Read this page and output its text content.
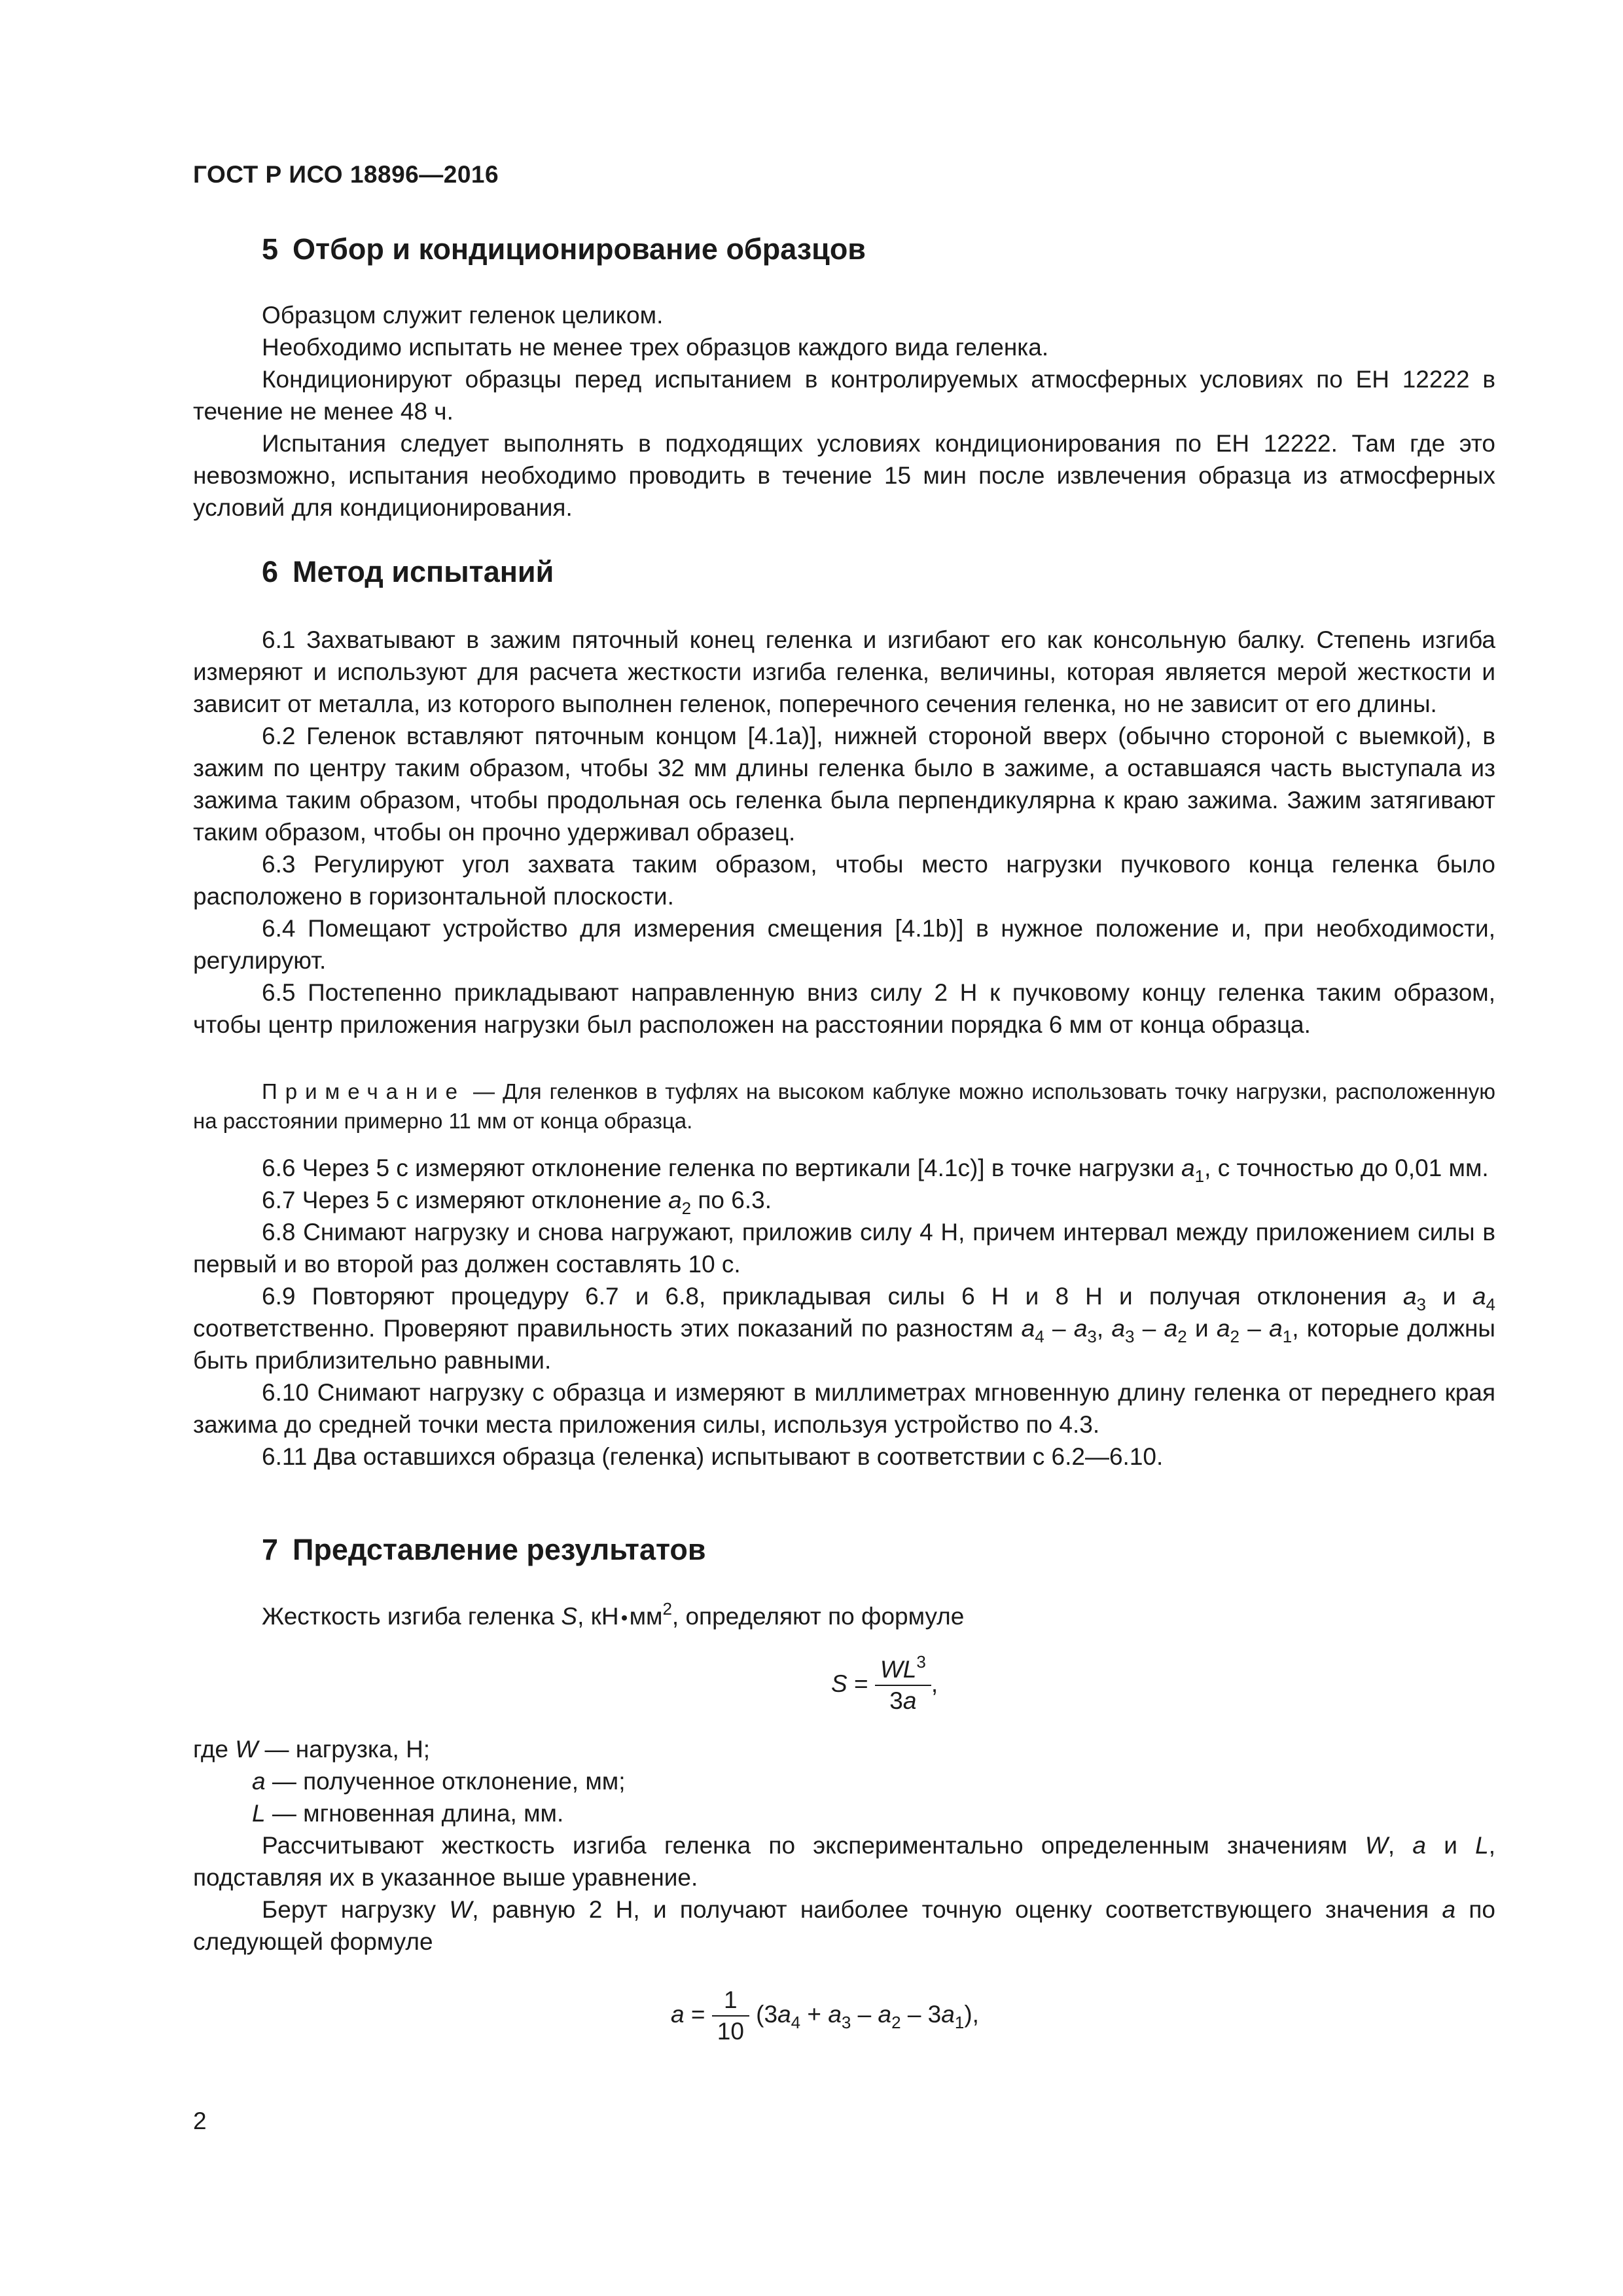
ГОСТ Р ИСО 18896—2016
5 Отбор и кондиционирование образцов

Образцом служит геленок целиком.

Необходимо испытать не менее трех образцов каждого вида геленка.

Кондиционируют образцы перед испытанием в контролируемых атмосферных условиях по ЕН 12222 в течение не менее 48 ч.

Испытания следует выполнять в подходящих условиях кондиционирования по ЕН 12222. Там где это невозможно, испытания необходимо проводить в течение 15 мин после извлечения образца из атмосферных условий для кондиционирования.

6 Метод испытаний

6.1 Захватывают в зажим пяточный конец геленка и изгибают его как консольную балку. Степень изгиба измеряют и используют для расчета жесткости изгиба геленка, величины, которая является мерой жесткости и зависит от металла, из которого выполнен геленок, поперечного сечения геленка, но не зависит от его длины.

6.2 Геленок вставляют пяточным концом [4.1а)], нижней стороной вверх (обычно стороной с выемкой), в зажим по центру таким образом, чтобы 32 мм длины геленка было в зажиме, а оставшаяся часть выступала из зажима таким образом, чтобы продольная ось геленка была перпендикулярна к краю зажима. Зажим затягивают таким образом, чтобы он прочно удерживал образец.

6.3 Регулируют угол захвата таким образом, чтобы место нагрузки пучкового конца геленка было расположено в горизонтальной плоскости.

6.4 Помещают устройство для измерения смещения [4.1b)] в нужное положение и, при необходимости, регулируют.

6.5 Постепенно прикладывают направленную вниз силу 2 Н к пучковому концу геленка таким образом, чтобы центр приложения нагрузки был расположен на расстоянии порядка 6 мм от конца образца.

Примечание — Для геленков в туфлях на высоком каблуке можно использовать точку нагрузки, расположенную на расстоянии примерно 11 мм от конца образца.

6.6 Через 5 с измеряют отклонение геленка по вертикали [4.1с)] в точке нагрузки $a_1$, с точностью до 0,01 мм.

6.7 Через 5 с измеряют отклонение $a_2$ по 6.3.

6.8 Снимают нагрузку и снова нагружают, приложив силу 4 Н, причем интервал между приложением силы в первый и во второй раз должен составлять 10 с.

6.9 Повторяют процедуру 6.7 и 6.8, прикладывая силы 6 Н и 8 Н и получая отклонения $a_3$ и $a_4$ соответственно. Проверяют правильность этих показаний по разностям $a_4 - a_3$, $a_3 - a_2$ и $a_2 - a_1$, которые должны быть приблизительно равными.

6.10 Снимают нагрузку с образца и измеряют в миллиметрах мгновенную длину геленка от переднего края зажима до средней точки места приложения силы, используя устройство по 4.3.

6.11 Два оставшихся образца (геленка) испытывают в соответствии с 6.2—6.10.

7 Представление результатов

Жесткость изгиба геленка S, кН $мм^2$, определяют по формуле

$S = \frac{WL^3}{3a}$ ,
где W — нагрузка, Н;
a — полученное отклонение, мм;
L — мгновенная длина, мм.

Рассчитывают жесткость изгиба геленка по экспериментально определенным значениям W, a и L, подставляя их в указанное выше уравнение.

Берут нагрузку W, равную 2 Н, и получают наиболее точную оценку соответствующего значения a по следующей формуле

$a = \frac{1}{10} (3a_4 + a_3 - a_2 - 3a_1)$,
2
